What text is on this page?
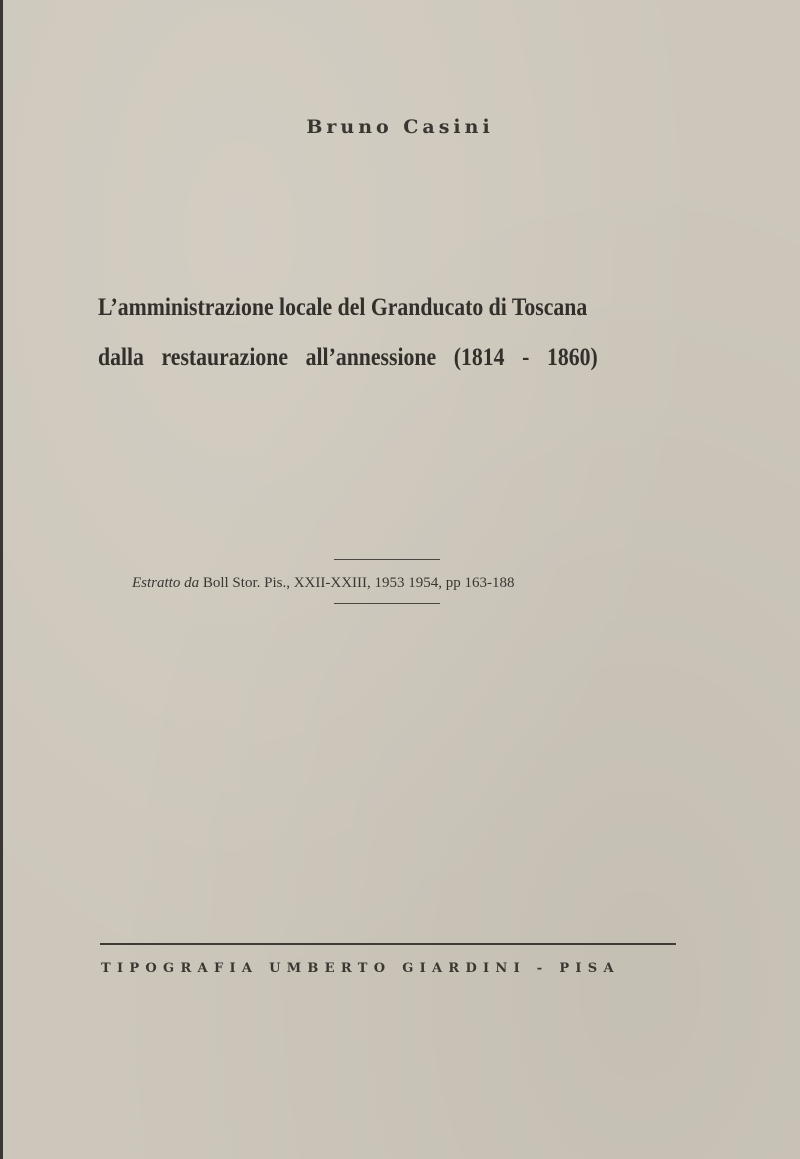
Bruno Casini
L’amministrazione locale del Granducato di Toscana
dalla restaurazione all’annessione (1814 - 1860)
Estratto da Boll Stor. Pis., XXII-XXIII, 1953 1954, pp 163-188
TIPOGRAFIA UMBERTO GIARDINI - PISA
